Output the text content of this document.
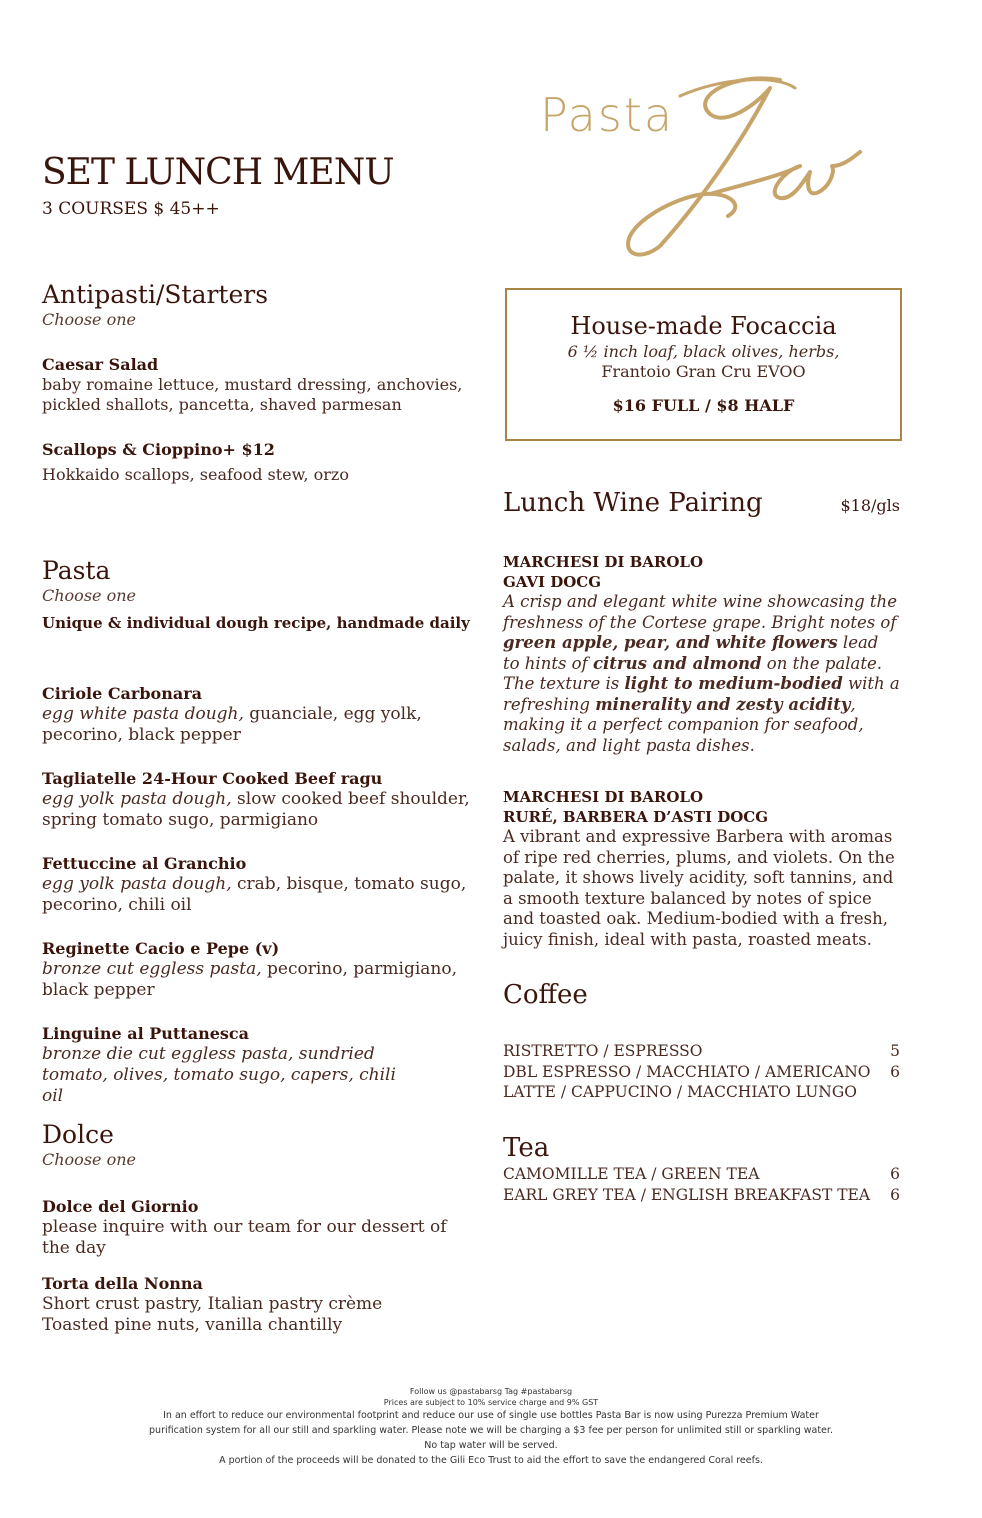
SET LUNCH MENU
3 COURSES $ 45++
Pasta
Antipasti/Starters
Choose one
Caesar Salad
baby romaine lettuce, mustard dressing, anchovies, pickled shallots, pancetta, shaved parmesan
Scallops & Cioppino+ $12
Hokkaido scallops, seafood stew, orzo
Pasta
Choose one
Unique & individual dough recipe, handmade daily
Ciriole Carbonara
egg white pasta dough, guanciale, egg yolk, pecorino, black pepper
Tagliatelle 24-Hour Cooked Beef ragu
egg yolk pasta dough, slow cooked beef shoulder, spring tomato sugo, parmigiano
Fettuccine al Granchio
egg yolk pasta dough, crab, bisque, tomato sugo, pecorino, chili oil
Reginette Cacio e Pepe (v)
bronze cut eggless pasta, pecorino, parmigiano, black pepper
Linguine al Puttanesca
bronze die cut eggless pasta, sundried tomato, olives, tomato sugo, capers, chili oil
Dolce
Choose one
Dolce del Giornio
please inquire with our team for our dessert of the day
Torta della Nonna
Short crust pastry, Italian pastry crème
Toasted pine nuts, vanilla chantilly
House-made Focaccia
6 ½ inch loaf, black olives, herbs,
Frantoio Gran Cru EVOO
$16 FULL / $8 HALF
Lunch Wine Pairing	$18/gls
MARCHESI DI BAROLO
GAVI DOCG
A crisp and elegant white wine showcasing the freshness of the Cortese grape. Bright notes of green apple, pear, and white flowers lead to hints of citrus and almond on the palate. The texture is light to medium-bodied with a refreshing minerality and zesty acidity, making it a perfect companion for seafood, salads, and light pasta dishes.
MARCHESI DI BAROLO
RURÉ, BARBERA D’ASTI DOCG
A vibrant and expressive Barbera with aromas of ripe red cherries, plums, and violets. On the palate, it shows lively acidity, soft tannins, and a smooth texture balanced by notes of spice and toasted oak. Medium-bodied with a fresh, juicy finish, ideal with pasta, roasted meats.
Coffee
RISTRETTO / ESPRESSO	5
DBL ESPRESSO / MACCHIATO / AMERICANO 6
LATTE / CAPPUCINO / MACCHIATO LUNGO
Tea
CAMOMILLE TEA / GREEN TEA	6
EARL GREY TEA / ENGLISH BREAKFAST TEA 6
Follow us @pastabarsg Tag #pastabarsg
Prices are subject to 10% service charge and 9% GST
In an effort to reduce our environmental footprint and reduce our use of single use bottles Pasta Bar is now using Purezza Premium Water
purification system for all our still and sparkling water. Please note we will be charging a $3 fee per person for unlimited still or sparkling water.
No tap water will be served.
A portion of the proceeds will be donated to the Gili Eco Trust to aid the effort to save the endangered Coral reefs.
